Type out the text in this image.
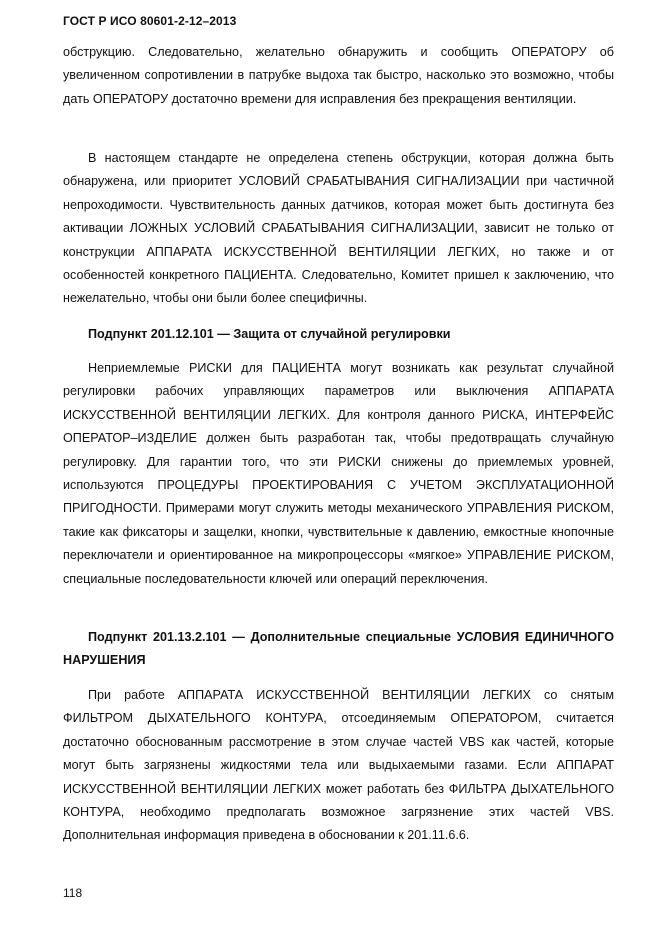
ГОСТ Р ИСО 80601-2-12–2013

обструкцию. Следовательно, желательно обнаружить и сообщить ОПЕРАТОРУ об увеличенном сопротивлении в патрубке выдоха так быстро, насколько это возможно, чтобы дать ОПЕРАТОРУ достаточно времени для исправления без прекращения вентиляции.

В настоящем стандарте не определена степень обструкции, которая должна быть обнаружена, или приоритет УСЛОВИЙ СРАБАТЫВАНИЯ СИГНАЛИЗАЦИИ при частичной непроходимости. Чувствительность данных датчиков, которая может быть достигнута без активации ЛОЖНЫХ УСЛОВИЙ СРАБАТЫВАНИЯ СИГНАЛИЗАЦИИ, зависит не только от конструкции АППАРАТА ИСКУССТВЕННОЙ ВЕНТИЛЯЦИИ ЛЕГКИХ, но также и от особенностей конкретного ПАЦИЕНТА. Следовательно, Комитет пришел к заключению, что нежелательно, чтобы они были более специфичны.

Подпункт 201.12.101 — Защита от случайной регулировки

Неприемлемые РИСКИ для ПАЦИЕНТА могут возникать как результат случайной регулировки рабочих управляющих параметров или выключения АППАРАТА ИСКУССТВЕННОЙ ВЕНТИЛЯЦИИ ЛЕГКИХ. Для контроля данного РИСКА, ИНТЕРФЕЙС ОПЕРАТОР–ИЗДЕЛИЕ должен быть разработан так, чтобы предотвращать случайную регулировку. Для гарантии того, что эти РИСКИ снижены до приемлемых уровней, используются ПРОЦЕДУРЫ ПРОЕКТИРОВАНИЯ С УЧЕТОМ ЭКСПЛУАТАЦИОННОЙ ПРИГОДНОСТИ. Примерами могут служить методы механического УПРАВЛЕНИЯ РИСКОМ, такие как фиксаторы и защелки, кнопки, чувствительные к давлению, емкостные кнопочные переключатели и ориентированное на микропроцессоры «мягкое» УПРАВЛЕНИЕ РИСКОМ, специальные последовательности ключей или операций переключения.

Подпункт 201.13.2.101 — Дополнительные специальные УСЛОВИЯ ЕДИНИЧНОГО НАРУШЕНИЯ

При работе АППАРАТА ИСКУССТВЕННОЙ ВЕНТИЛЯЦИИ ЛЕГКИХ со снятым ФИЛЬТРОМ ДЫХАТЕЛЬНОГО КОНТУРА, отсоединяемым ОПЕРАТОРОМ, считается достаточно обоснованным рассмотрение в этом случае частей VBS как частей, которые могут быть загрязнены жидкостями тела или выдыхаемыми газами. Если АППАРАТ ИСКУССТВЕННОЙ ВЕНТИЛЯЦИИ ЛЕГКИХ может работать без ФИЛЬТРА ДЫХАТЕЛЬНОГО КОНТУРА, необходимо предполагать возможное загрязнение этих частей VBS. Дополнительная информация приведена в обосновании к 201.11.6.6.

118
